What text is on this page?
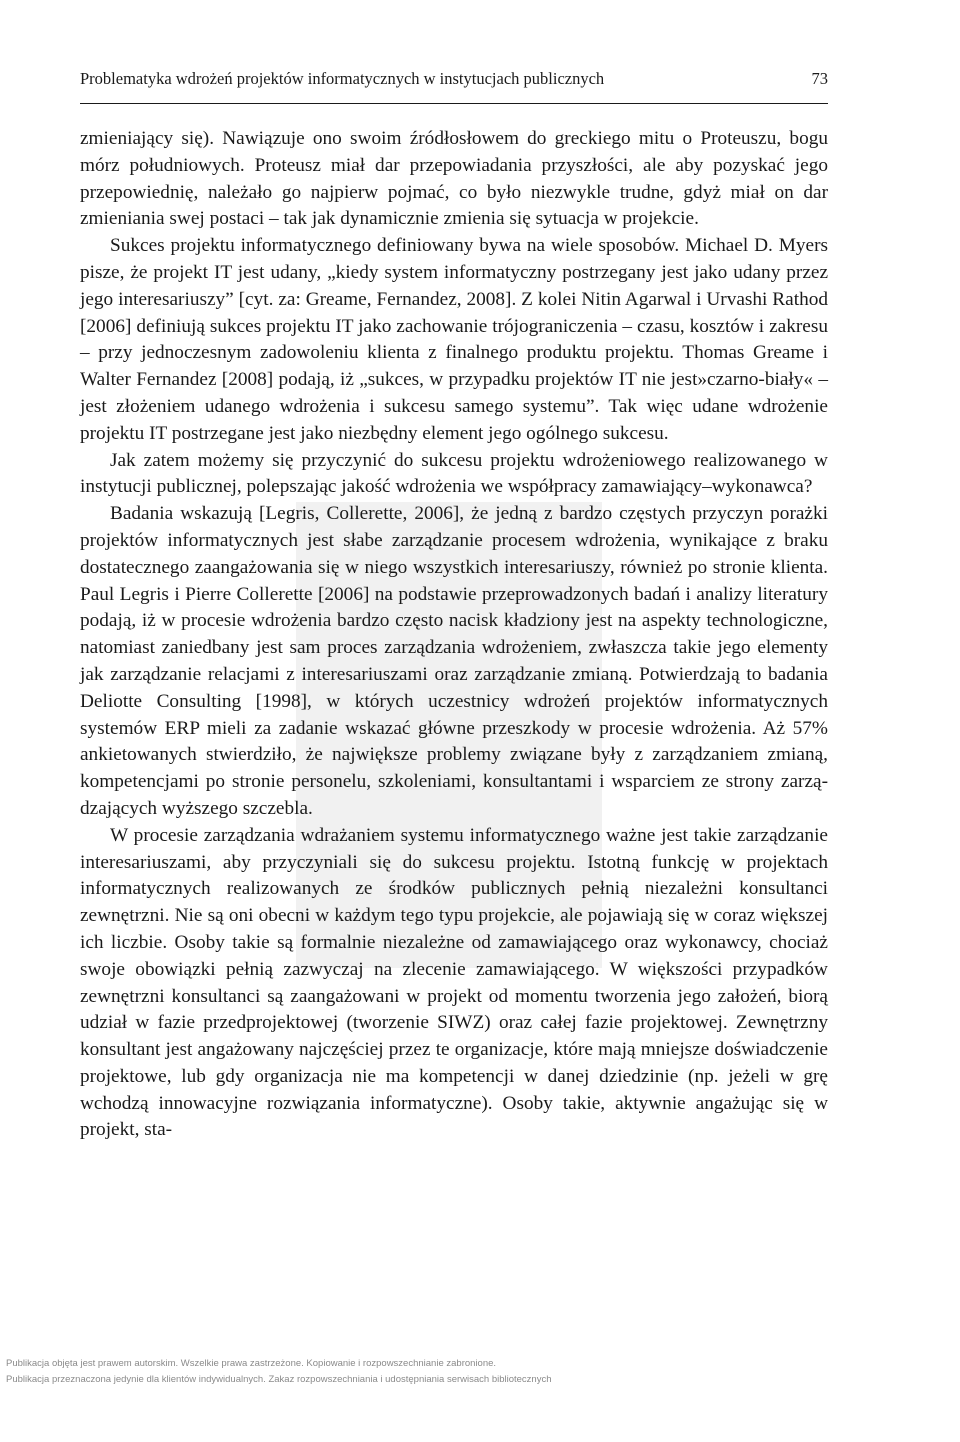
Problematyka wdrożeń projektów informatycznych w instytucjach publicznych	73

zmieniający się). Nawiązuje ono swoim źródłosłowem do greckiego mitu o Proteuszu, bogu mórz południowych. Proteusz miał dar przepowiadania przyszłości, ale aby pozyskać jego przepowiednię, należało go najpierw pojmać, co było niezwykle trudne, gdyż miał on dar zmieniania swej postaci – tak jak dynamicznie zmienia się sytuacja w projekcie.

Sukces projektu informatycznego definiowany bywa na wiele sposobów. Michael D. Myers pisze, że projekt IT jest udany, „kiedy system informatyczny postrzegany jest jako udany przez jego interesariuszy” [cyt. za: Greame, Fernandez, 2008]. Z kolei Nitin Agarwal i Urvashi Rathod [2006] definiują sukces projektu IT jako zachowanie trójograniczenia – czasu, kosztów i zakresu – przy jednoczesnym zadowoleniu klienta z finalnego produktu projektu. Thomas Greame i Walter Fernandez [2008] podają, iż „sukces, w przypadku projektów IT nie jest»czarno-biały« – jest złożeniem udanego wdrożenia i sukcesu samego systemu”. Tak więc udane wdrożenie projektu IT postrzegane jest jako niezbędny element jego ogólnego sukcesu.

Jak zatem możemy się przyczynić do sukcesu projektu wdrożeniowego realizowanego w instytucji publicznej, polepszając jakość wdrożenia we współpracy zamawiający–wykonawca?

Badania wskazują [Legris, Collerette, 2006], że jedną z bardzo częstych przyczyn porażki projektów informatycznych jest słabe zarządzanie procesem wdrożenia, wynikające z braku dostatecznego zaangażowania się w niego wszystkich interesariuszy, również po stronie klienta. Paul Legris i Pierre Collerette [2006] na podstawie przeprowadzonych badań i analizy literatury podają, iż w procesie wdrożenia bardzo często nacisk kładziony jest na aspekty technologiczne, natomiast zaniedbany jest sam proces zarządzania wdrożeniem, zwłaszcza takie jego elementy jak zarządzanie relacjami z interesariuszami oraz zarządzanie zmianą. Potwierdzają to badania Deliotte Consulting [1998], w których uczestnicy wdrożeń projektów informatycznych systemów ERP mieli za zadanie wskazać główne przeszkody w procesie wdrożenia. Aż 57% ankietowanych stwierdziło, że największe problemy związane były z zarządzaniem zmianą, kompetencjami po stronie personelu, szkoleniami, konsultantami i wsparciem ze strony zarządzających wyższego szczebla.

W procesie zarządzania wdrażaniem systemu informatycznego ważne jest takie zarządzanie interesariuszami, aby przyczyniali się do sukcesu projektu. Istotną funkcję w projektach informatycznych realizowanych ze środków publicznych pełnią niezależni konsultanci zewnętrzni. Nie są oni obecni w każdym tego typu projekcie, ale pojawiają się w coraz większej ich liczbie. Osoby takie są formalnie niezależne od zamawiającego oraz wykonawcy, chociaż swoje obowiązki pełnią zazwyczaj na zlecenie zamawiającego. W większości przypadków zewnętrzni konsultanci są zaangażowani w projekt od momentu tworzenia jego założeń, biorą udział w fazie przedprojektowej (tworzenie SIWZ) oraz całej fazie projektowej. Zewnętrzny konsultant jest angażowany najczęściej przez te organizacje, które mają mniejsze doświadczenie projektowe, lub gdy organizacja nie ma kompetencji w danej dziedzinie (np. jeżeli w grę wchodzą innowacyjne rozwiązania informatyczne). Osoby takie, aktywnie angażując się w projekt, sta-

Publikacja objęta jest prawem autorskim. Wszelkie prawa zastrzeżone. Kopiowanie i rozpowszechnianie zabronione.
Publikacja przeznaczona jedynie dla klientów indywidualnych. Zakaz rozpowszechniania i udostępniania serwisach bibliotecznych
